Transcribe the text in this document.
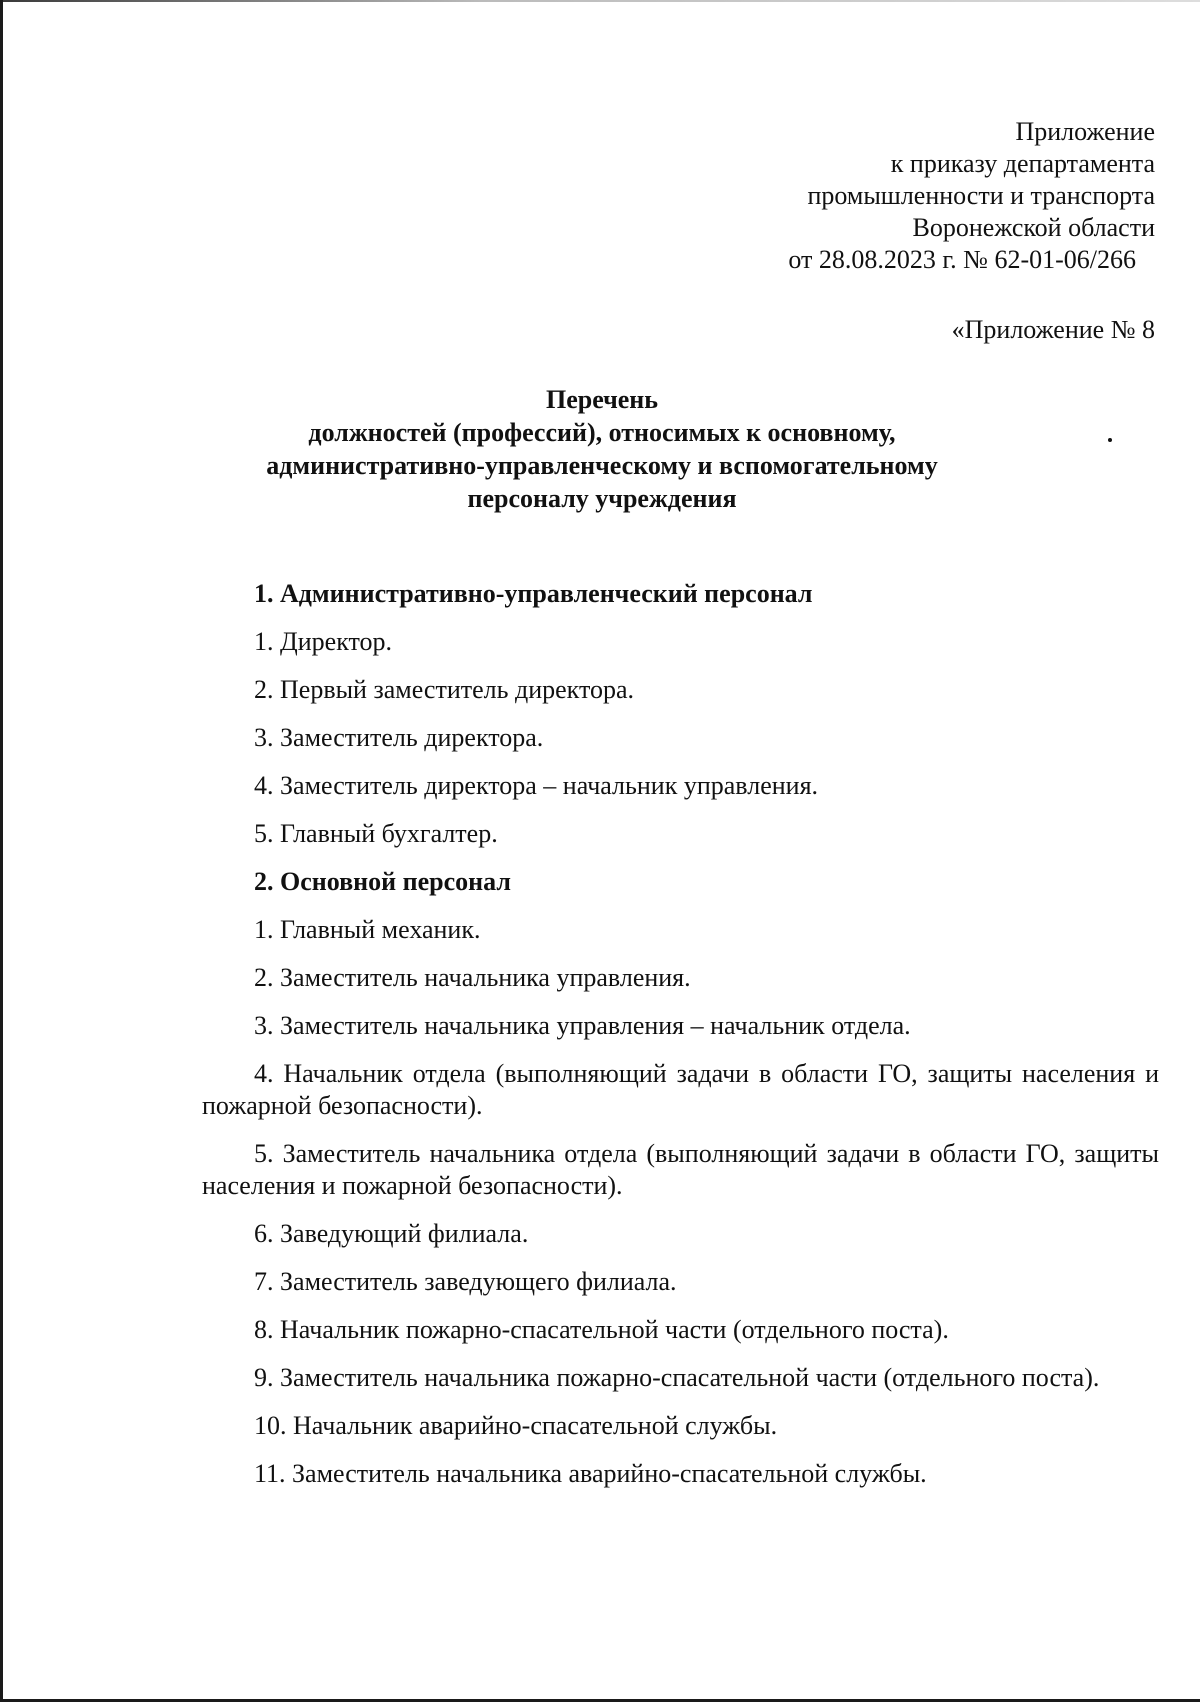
Приложение
к приказу департамента
промышленности и транспорта
Воронежской области
от 28.08.2023 г. № 62-01-06/266
«Приложение № 8
Перечень
должностей (профессий), относимых к основному,
административно-управленческому и вспомогательному
персоналу учреждения
1. Административно-управленческий персонал
1. Директор.
2. Первый заместитель директора.
3. Заместитель директора.
4. Заместитель директора – начальник управления.
5. Главный бухгалтер.
2. Основной персонал
1. Главный механик.
2. Заместитель начальника управления.
3. Заместитель начальника управления – начальник отдела.
4. Начальник отдела (выполняющий задачи в области ГО, защиты населения и пожарной безопасности).
5. Заместитель начальника отдела (выполняющий задачи в области ГО, защиты населения и пожарной безопасности).
6. Заведующий филиала.
7. Заместитель заведующего филиала.
8. Начальник пожарно-спасательной части (отдельного поста).
9. Заместитель начальника пожарно-спасательной части (отдельного поста).
10. Начальник аварийно-спасательной службы.
11. Заместитель начальника аварийно-спасательной службы.
